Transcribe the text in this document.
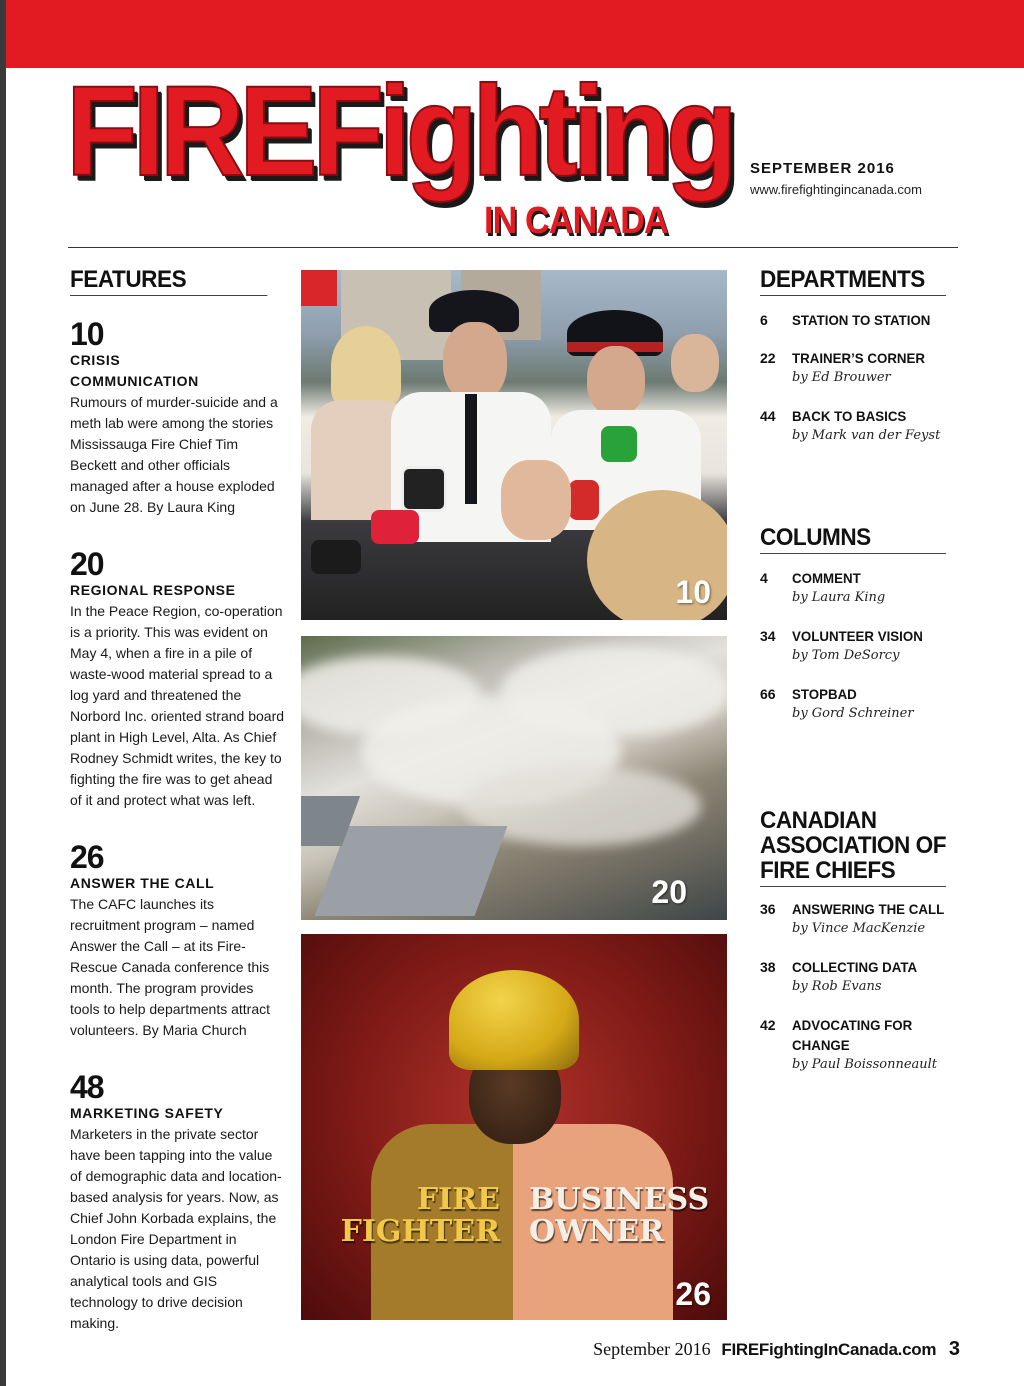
FIREFighting
IN CANADA
SEPTEMBER 2016
www.firefightingincanada.com
FEATURES
10
CRISIS COMMUNICATION
Rumours of murder-suicide and a meth lab were among the stories Mississauga Fire Chief Tim Beckett and other officials managed after a house exploded on June 28. By Laura King
20
REGIONAL RESPONSE
In the Peace Region, co-operation is a priority. This was evident on May 4, when a fire in a pile of waste-wood material spread to a log yard and threatened the Norbord Inc. oriented strand board plant in High Level, Alta. As Chief Rodney Schmidt writes, the key to fighting the fire was to get ahead of it and protect what was left.
26
ANSWER THE CALL
The CAFC launches its recruitment program – named Answer the Call – at its Fire-Rescue Canada conference this month. The program provides tools to help departments attract volunteers. By Maria Church
48
MARKETING SAFETY
Marketers in the private sector have been tapping into the value of demographic data and location-based analysis for years. Now, as Chief John Korbada explains, the London Fire Department in Ontario is using data, powerful analytical tools and GIS technology to drive decision making.
10
20
FIRE FIGHTER
BUSINESS OWNER
26
DEPARTMENTS
6 STATION TO STATION
22 TRAINER’S CORNER
by Ed Brouwer
44 BACK TO BASICS
by Mark van der Feyst
COLUMNS
4 COMMENT
by Laura King
34 VOLUNTEER VISION
by Tom DeSorcy
66 STOPBAD
by Gord Schreiner
CANADIAN ASSOCIATION OF FIRE CHIEFS
36 ANSWERING THE CALL
by Vince MacKenzie
38 COLLECTING DATA
by Rob Evans
42 ADVOCATING FOR CHANGE
by Paul Boissonneault
September 2016 FIREFightingInCanada.com 3
